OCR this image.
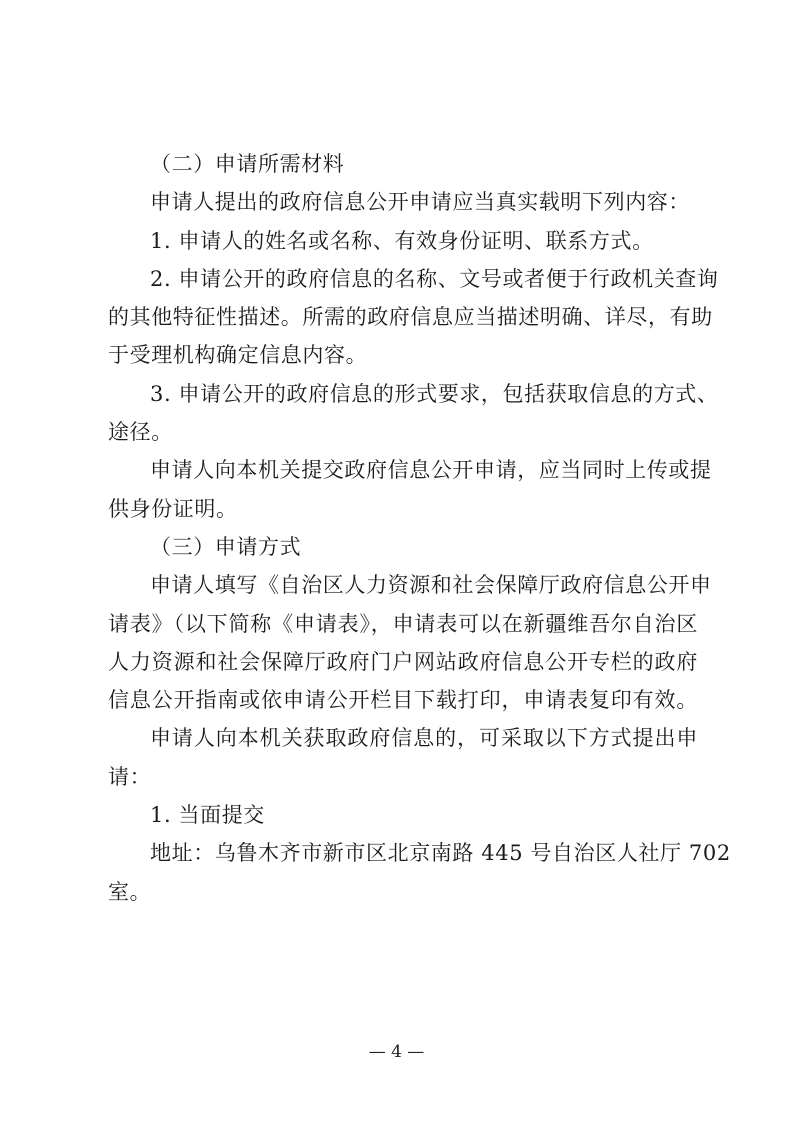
（二）申请所需材料
申请人提出的政府信息公开申请应当真实载明下列内容：
1. 申请人的姓名或名称、有效身份证明、联系方式。
2. 申请公开的政府信息的名称、文号或者便于行政机关查询
的其他特征性描述。所需的政府信息应当描述明确、详尽，有助
于受理机构确定信息内容。
3. 申请公开的政府信息的形式要求，包括获取信息的方式、
途径。
申请人向本机关提交政府信息公开申请，应当同时上传或提
供身份证明。
（三）申请方式
申请人填写《自治区人力资源和社会保障厅政府信息公开申
请表》（以下简称《申请表》，申请表可以在新疆维吾尔自治区
人力资源和社会保障厅政府门户网站政府信息公开专栏的政府
信息公开指南或依申请公开栏目下载打印，申请表复印有效。
申请人向本机关获取政府信息的，可采取以下方式提出申
请：
1. 当面提交
地址：乌鲁木齐市新市区北京南路 445 号自治区人社厅 702
室。
— 4 —
